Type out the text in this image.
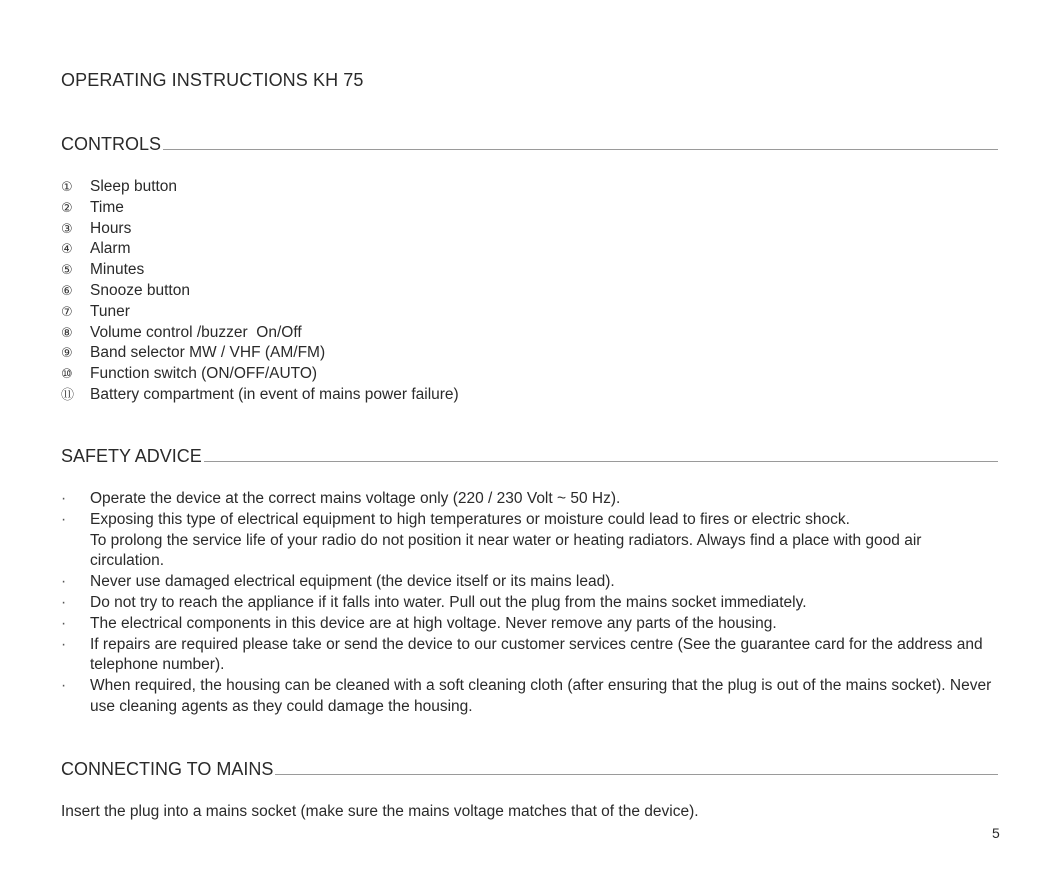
OPERATING INSTRUCTIONS KH 75
CONTROLS
①	Sleep button
②	Time
③	Hours
④	Alarm
⑤	Minutes
⑥	Snooze button
⑦	Tuner
⑧	Volume control /buzzer  On/Off
⑨	Band selector MW / VHF (AM/FM)
⑩	Function switch (ON/OFF/AUTO)
⑪	Battery compartment (in event of mains power failure)
SAFETY ADVICE
·	Operate the device at the correct mains voltage only (220 / 230 Volt ~ 50 Hz).
·	Exposing this type of electrical equipment to high temperatures or moisture could lead to fires or electric shock.
To prolong the service life of your radio do not position it near water or heating radiators. Always find a place with good air circulation.
·	Never use damaged electrical equipment (the device itself or its mains lead).
·	Do not try to reach the appliance if it falls into water. Pull out the plug from the mains socket immediately.
·	The electrical components in this device are at high voltage. Never remove any parts of the housing.
·	If repairs are required please take or send the device to our customer services centre (See the guarantee card for the address and telephone number).
·	When required, the housing can be cleaned with a soft cleaning cloth (after ensuring that the plug is out of the mains socket). Never use cleaning agents as they could damage the housing.
CONNECTING TO MAINS
Insert the plug into a mains socket (make sure the mains voltage matches that of the device).
5
